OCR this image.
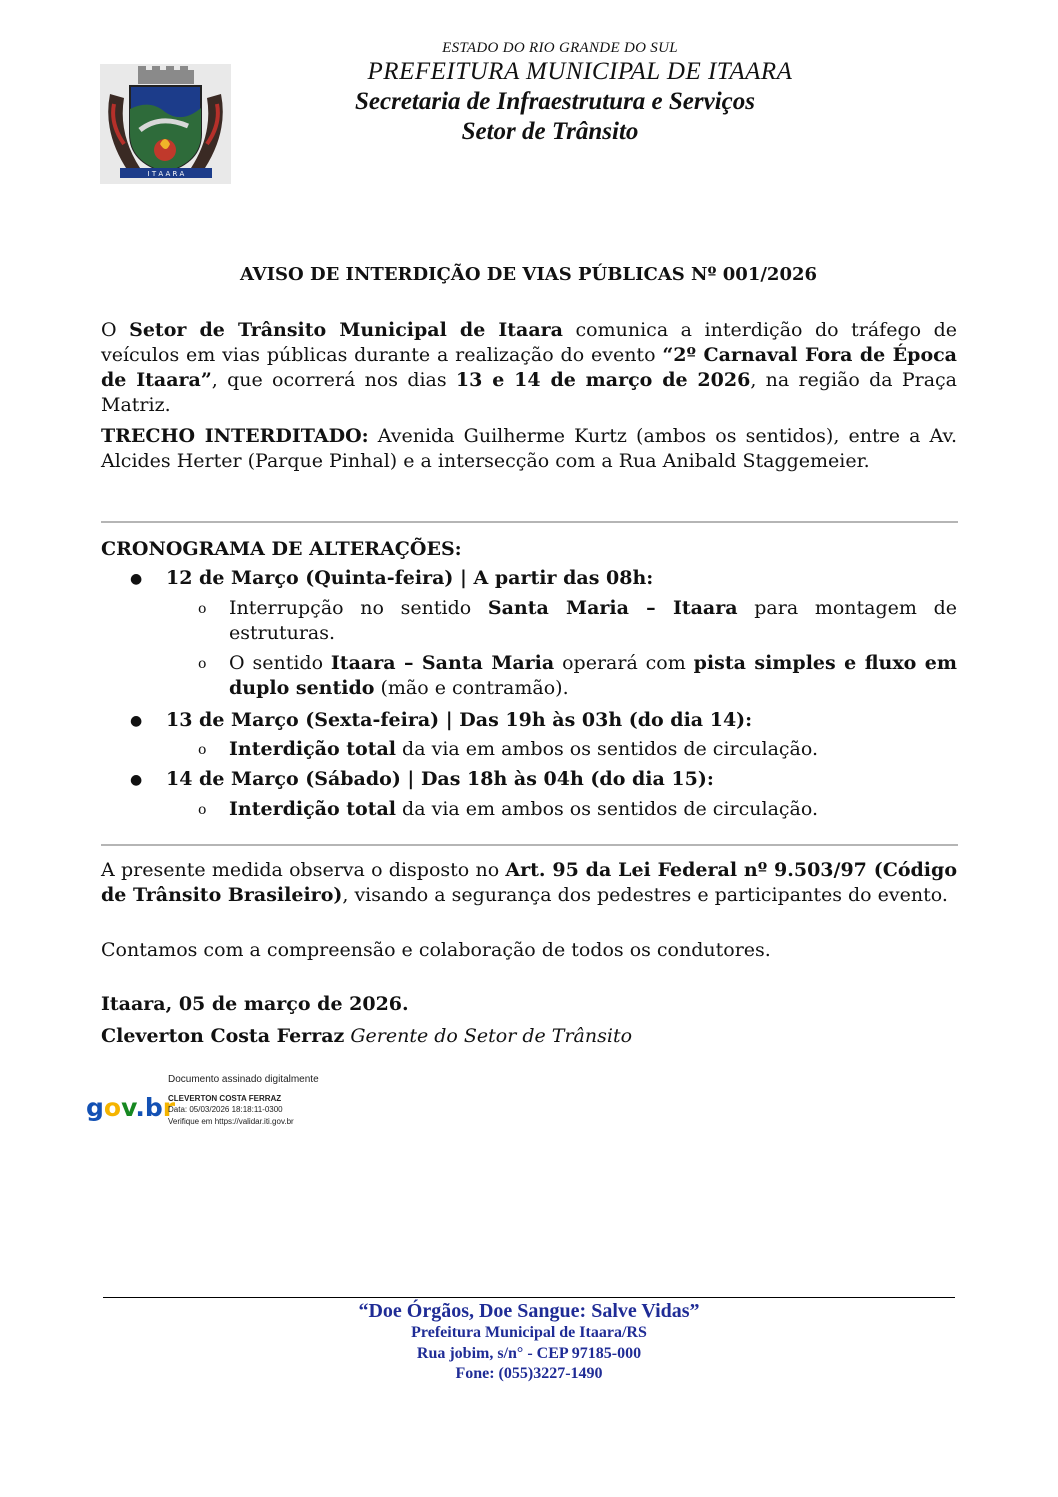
I T A A R A
ESTADO DO RIO GRANDE DO SUL
PREFEITURA MUNICIPAL DE ITAARA
Secretaria de Infraestrutura e Serviços
Setor de Trânsito
AVISO DE INTERDIÇÃO DE VIAS PÚBLICAS Nº 001/2026

O Setor de Trânsito Municipal de Itaara comunica a interdição do tráfego de veículos em vias públicas durante a realização do evento “2º Carnaval Fora de Época de Itaara”, que ocorrerá nos dias 13 e 14 de março de 2026, na região da Praça Matriz.

TRECHO INTERDITADO: Avenida Guilherme Kurtz (ambos os sentidos), entre a Av. Alcides Herter (Parque Pinhal) e a intersecção com a Rua Anibald Staggemeier.

CRONOGRAMA DE ALTERAÇÕES:
● 12 de Março (Quinta-feira) | A partir das 08h:
o Interrupção no sentido Santa Maria – Itaara para montagem de estruturas.
o O sentido Itaara – Santa Maria operará com pista simples e fluxo em duplo sentido (mão e contramão).
● 13 de Março (Sexta-feira) | Das 19h às 03h (do dia 14):
o Interdição total da via em ambos os sentidos de circulação.
● 14 de Março (Sábado) | Das 18h às 04h (do dia 15):
o Interdição total da via em ambos os sentidos de circulação.

A presente medida observa o disposto no Art. 95 da Lei Federal nº 9.503/97 (Código de Trânsito Brasileiro), visando a segurança dos pedestres e participantes do evento.

Contamos com a compreensão e colaboração de todos os condutores.

Itaara, 05 de março de 2026.
Cleverton Costa Ferraz Gerente do Setor de Trânsito
gov.br
Documento assinado digitalmente
CLEVERTON COSTA FERRAZ
Data: 05/03/2026 18:18:11-0300
Verifique em https://validar.iti.gov.br
“Doe Órgãos, Doe Sangue: Salve Vidas”
Prefeitura Municipal de Itaara/RS
Rua jobim, s/n° - CEP 97185-000
Fone: (055)3227-1490
